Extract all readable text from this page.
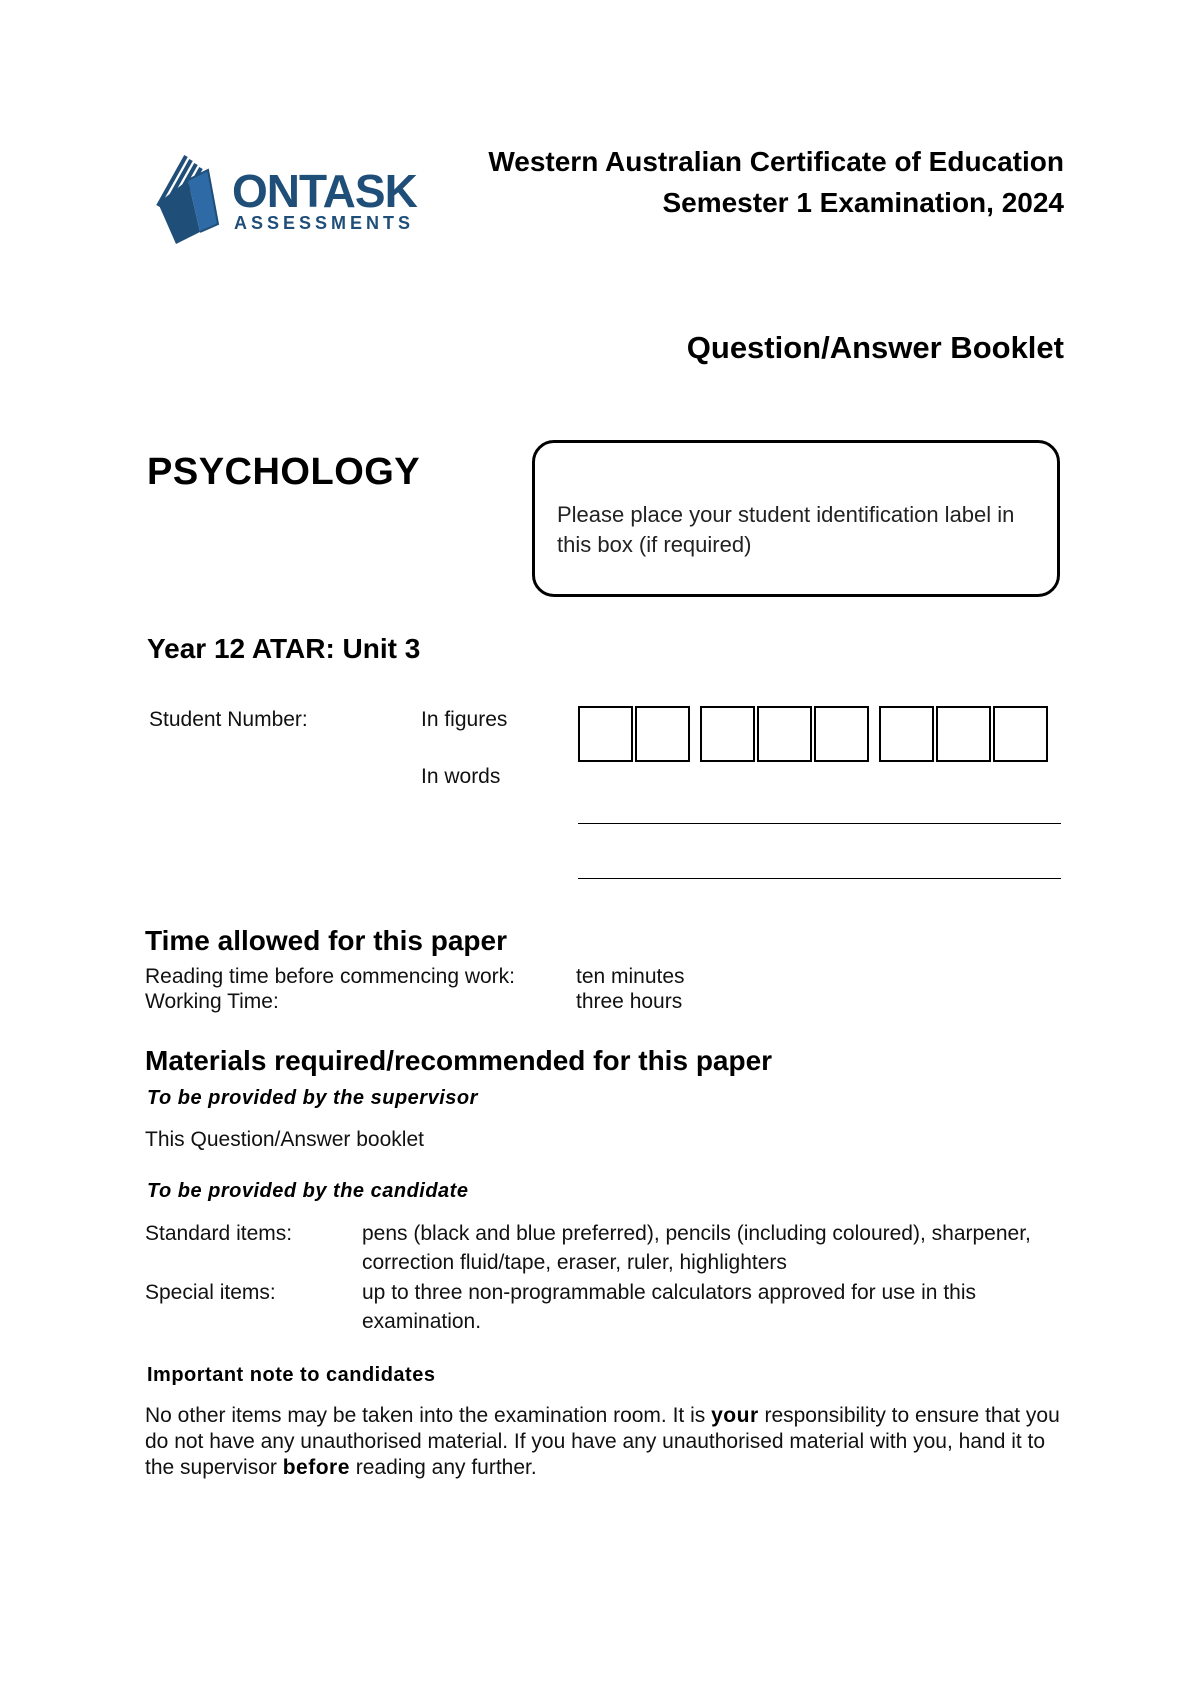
ONTASK
ASSESSMENTS
Western Australian Certificate of Education
Semester 1 Examination, 2024
Question/Answer Booklet
PSYCHOLOGY
Please place your student identification label in this box (if required)
Year 12 ATAR: Unit 3
Student Number:	In figures
In words
Time allowed for this paper
Reading time before commencing work:	ten minutes
Working Time:	three hours
Materials required/recommended for this paper
To be provided by the supervisor
This Question/Answer booklet
To be provided by the candidate
Standard items:	pens (black and blue preferred), pencils (including coloured), sharpener, correction fluid/tape, eraser, ruler, highlighters
Special items:	up to three non-programmable calculators approved for use in this examination.
Important note to candidates
No other items may be taken into the examination room. It is your responsibility to ensure that you do not have any unauthorised material. If you have any unauthorised material with you, hand it to the supervisor before reading any further.
